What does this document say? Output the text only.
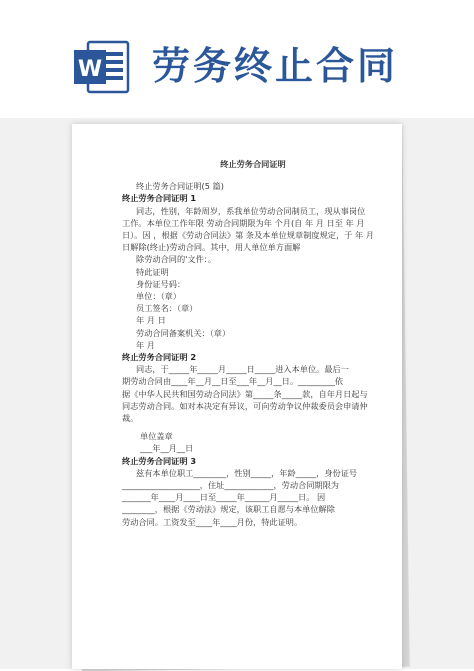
W 劳务终止合同

终止劳务合同证明

终止劳务合同证明(5 篇)

终止劳务合同证明 1

同志，性别，年龄周岁，系我单位劳动合同制员工，现从事岗位

工作。本单位工作年限 劳动合同期限为年 个月(自 年 月 日至 年 月

日）。因 ，根据《劳动合同法》第 条及本单位规章制度规定，于 年 月

日解除(终止)劳动合同。其中，用人单位单方面解

除劳动合同的'文件：。

特此证明

身份证号码：

单位：（章）

员工签名：（章）

年 月 日

劳动合同备案机关：（章）

年 月

终止劳务合同证明 2

同志，于_____年_____月_____日_____进入本单位。最后一

期劳动合同由____年__月__日至___年__月__日。_________依

据《中华人民共和国劳动合同法》第_____条_____款，自年月日起与

同志劳动合同。如对本决定有异议，可向劳动争议仲裁委员会申请仲

裁。

单位盖章

___年__月__日

终止劳务合同证明 3

兹有本单位职工________，性别_____，年龄_____，身份证号

___________________，住址____________，劳动合同期限为

_______年____月____日至_____年______月_____日。 因

________，根据《劳动法》规定，该职工自愿与本单位解除

劳动合同。工资发至____年____月份，特此证明。
